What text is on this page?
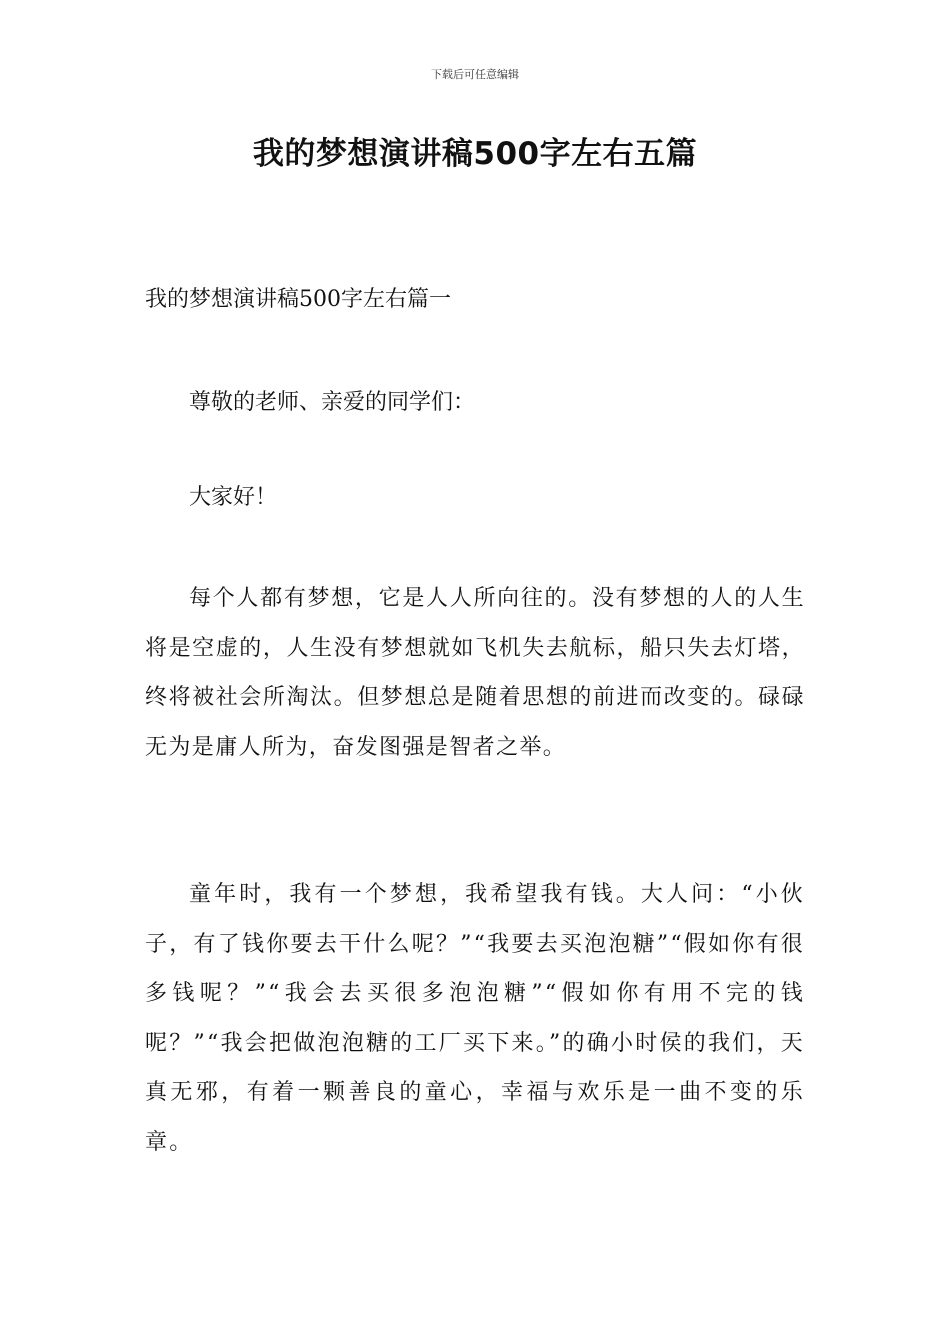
下载后可任意编辑
我的梦想演讲稿500字左右五篇
我的梦想演讲稿500字左右篇一

尊敬的老师、亲爱的同学们：

大家好！

每个人都有梦想，它是人人所向往的。没有梦想的人的人生将是空虚的，人生没有梦想就如飞机失去航标，船只失去灯塔，终将被社会所淘汰。但梦想总是随着思想的前进而改变的。碌碌无为是庸人所为，奋发图强是智者之举。

童年时，我有一个梦想，我希望我有钱。大人问：“小伙子，有了钱你要去干什么呢？”“我要去买泡泡糖”“假如你有很多钱呢？”“我会去买很多泡泡糖”“假如你有用不完的钱呢？”“我会把做泡泡糖的工厂买下来。”的确小时侯的我们，天真无邪，有着一颗善良的童心，幸福与欢乐是一曲不变的乐章。
